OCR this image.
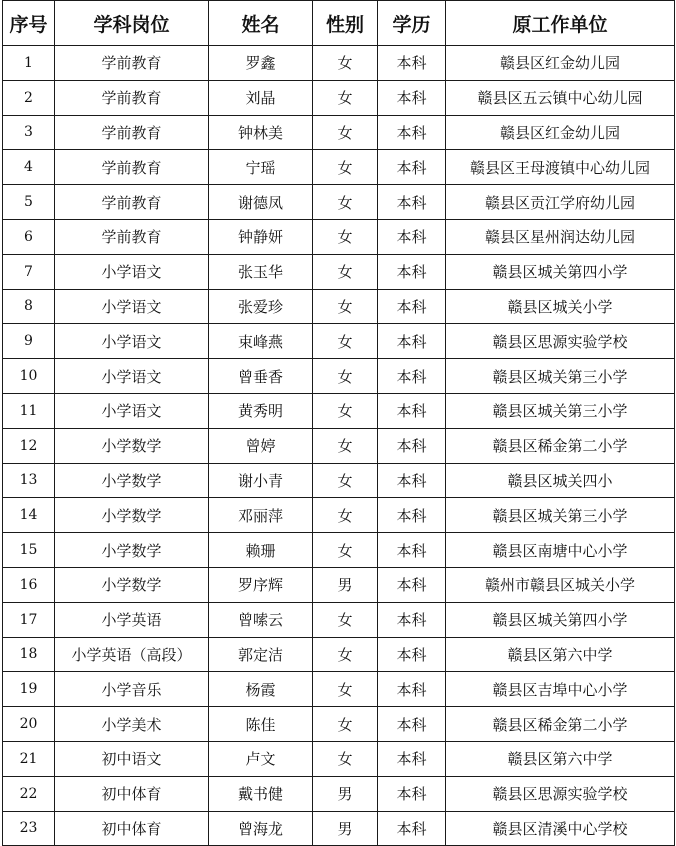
序号	学科岗位	姓名	性别	学历	原工作单位
1	学前教育	罗鑫	女	本科	赣县区红金幼儿园
2	学前教育	刘晶	女	本科	赣县区五云镇中心幼儿园
3	学前教育	钟林美	女	本科	赣县区红金幼儿园
4	学前教育	宁瑶	女	本科	赣县区王母渡镇中心幼儿园
5	学前教育	谢德凤	女	本科	赣县区贡江学府幼儿园
6	学前教育	钟静妍	女	本科	赣县区星州润达幼儿园
7	小学语文	张玉华	女	本科	赣县区城关第四小学
8	小学语文	张爱珍	女	本科	赣县区城关小学
9	小学语文	束峰燕	女	本科	赣县区思源实验学校
10	小学语文	曾垂香	女	本科	赣县区城关第三小学
11	小学语文	黄秀明	女	本科	赣县区城关第三小学
12	小学数学	曾婷	女	本科	赣县区稀金第二小学
13	小学数学	谢小青	女	本科	赣县区城关四小
14	小学数学	邓丽萍	女	本科	赣县区城关第三小学
15	小学数学	赖珊	女	本科	赣县区南塘中心小学
16	小学数学	罗序辉	男	本科	赣州市赣县区城关小学
17	小学英语	曾嗦云	女	本科	赣县区城关第四小学
18	小学英语（高段）	郭定洁	女	本科	赣县区第六中学
19	小学音乐	杨霞	女	本科	赣县区吉埠中心小学
20	小学美术	陈佳	女	本科	赣县区稀金第二小学
21	初中语文	卢文	女	本科	赣县区第六中学
22	初中体育	戴书健	男	本科	赣县区思源实验学校
23	初中体育	曾海龙	男	本科	赣县区清溪中心学校
